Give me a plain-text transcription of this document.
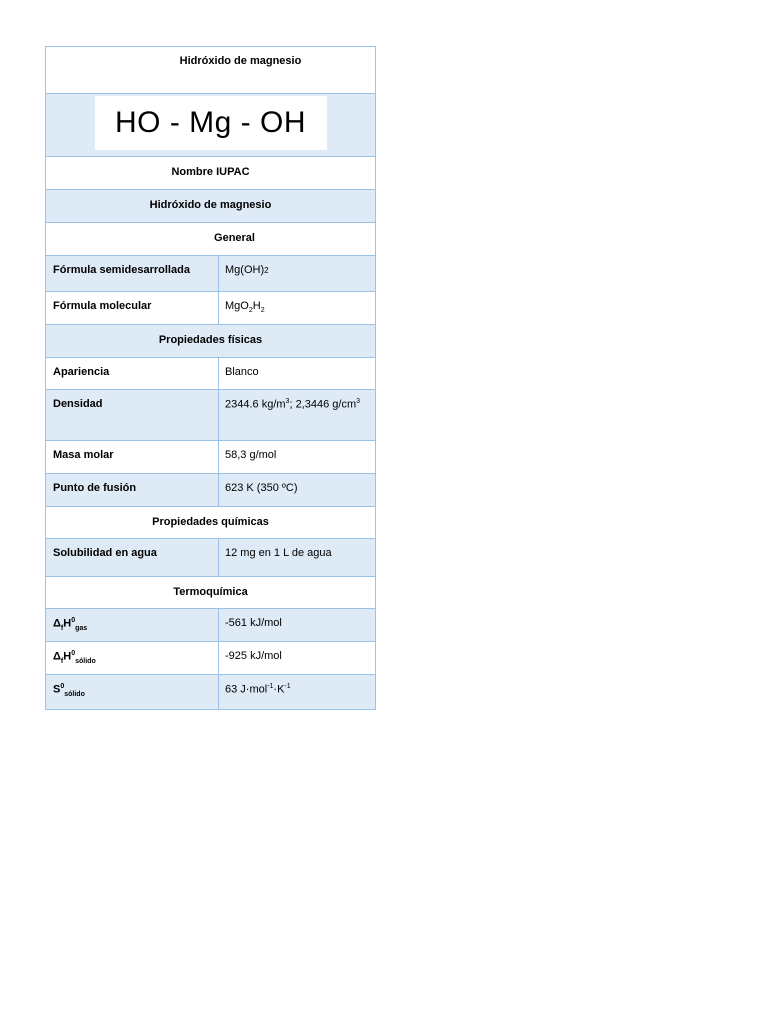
Hidróxido de magnesio
HO - Mg - OH
Nombre IUPAC
Hidróxido de magnesio
General
Fórmula semidesarrollada	Mg(OH)2
Fórmula molecular	$MgO_2H_2$
Propiedades físicas
Apariencia	Blanco
Densidad	2344.6 $kg/m^3$; 2,3446 $g/cm^3$
Masa molar	58,3 g/mol
Punto de fusión	623 K (350 ºC)
Propiedades químicas
Solubilidad en agua	12 mg en 1 L de agua
Termoquímica
$\Delta_fH^0_{gas}$	-561 kJ/mol
$\Delta_fH^0_{sólido}$	-925 kJ/mol
$S^0_{sólido}$	63 $J\cdot mol^{-1}\cdot K^{-1}$
